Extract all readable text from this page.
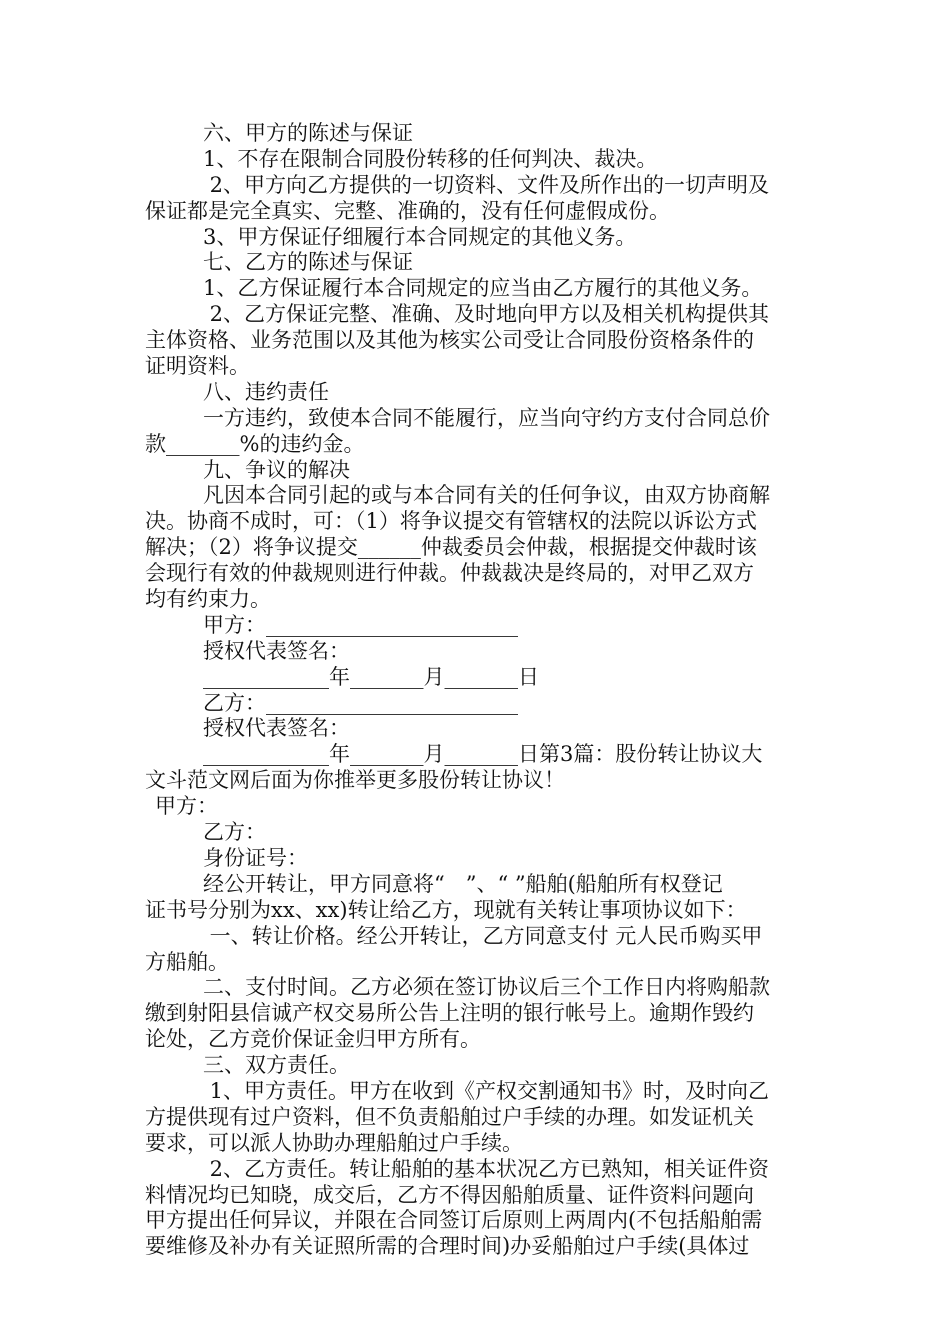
六、甲方的陈述与保证
1、不存在限制合同股份转移的任何判决、裁决。
2、甲方向乙方提供的一切资料、文件及所作出的一切声明及
保证都是完全真实、完整、准确的，没有任何虚假成份。
3、甲方保证仔细履行本合同规定的其他义务。
七、乙方的陈述与保证
1、乙方保证履行本合同规定的应当由乙方履行的其他义务。
2、乙方保证完整、准确、及时地向甲方以及相关机构提供其
主体资格、业务范围以及其他为核实公司受让合同股份资格条件的
证明资料。
八、违约责任
一方违约，致使本合同不能履行，应当向守约方支付合同总价
款_______%的违约金。
九、争议的解决
凡因本合同引起的或与本合同有关的任何争议，由双方协商解
决。协商不成时，可：（1）将争议提交有管辖权的法院以诉讼方式
解决；（2）将争议提交______仲裁委员会仲裁，根据提交仲裁时该
会现行有效的仲裁规则进行仲裁。仲裁裁决是终局的，对甲乙双方
均有约束力。
甲方：________________________
授权代表签名：
____________年_______月_______日
乙方：________________________
授权代表签名：
____________年_______月_______日第3篇：股份转让协议大
文斗范文网后面为你推举更多股份转让协议！
甲方：
乙方：
身份证号：
经公开转让，甲方同意将“　”、“ ”船舶(船舶所有权登记
证书号分别为xx、xx)转让给乙方，现就有关转让事项协议如下：
一、转让价格。经公开转让，乙方同意支付 元人民币购买甲
方船舶。
二、支付时间。乙方必须在签订协议后三个工作日内将购船款
缴到射阳县信诚产权交易所公告上注明的银行帐号上。逾期作毁约
论处，乙方竞价保证金归甲方所有。
三、双方责任。
1、甲方责任。甲方在收到《产权交割通知书》时，及时向乙
方提供现有过户资料，但不负责船舶过户手续的办理。如发证机关
要求，可以派人协助办理船舶过户手续。
2、乙方责任。转让船舶的基本状况乙方已熟知，相关证件资
料情况均已知晓，成交后，乙方不得因船舶质量、证件资料问题向
甲方提出任何异议，并限在合同签订后原则上两周内(不包括船舶需
要维修及补办有关证照所需的合理时间)办妥船舶过户手续(具体过
